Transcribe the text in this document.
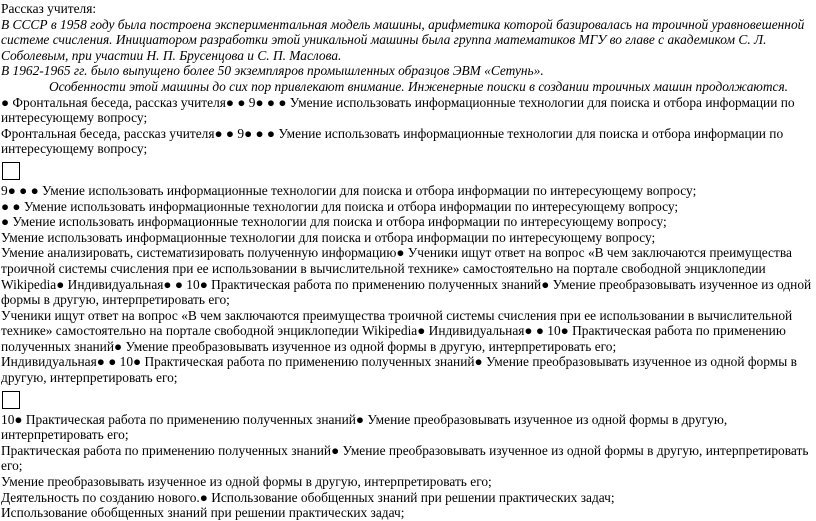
Рассказ учителя:

В СССР в 1958 году была построена экспериментальная модель машины, арифметика которой базировалась на троичной уравновешенной системе счисления. Инициатором разработки этой уникальной машины была группа математиков МГУ во главе с академиком С. Л. Соболевым, при участии Н. П. Брусенцова и С. П. Маслова.

В 1962-1965 гг. было выпущено более 50 экземпляров промышленных образцов ЭВМ «Сетунь».

Особенности этой машины до сих пор привлекают внимание. Инженерные поиски в создании троичных машин продолжаются.

● Фронтальная беседа, рассказ учителя● ● 9● ● ● Умение использовать информационные технологии для поиска и отбора информации по интересующему вопросу;

Фронтальная беседа, рассказ учителя● ● 9● ● ● Умение использовать информационные технологии для поиска и отбора информации по интересующему вопросу;

9● ● ● Умение использовать информационные технологии для поиска и отбора информации по интересующему вопросу;

● ● Умение использовать информационные технологии для поиска и отбора информации по интересующему вопросу;

● Умение использовать информационные технологии для поиска и отбора информации по интересующему вопросу;

Умение использовать информационные технологии для поиска и отбора информации по интересующему вопросу;

Умение анализировать, систематизировать полученную информацию● Ученики ищут ответ на вопрос «В чем заключаются преимущества троичной системы счисления при ее использовании в вычислительной технике» самостоятельно на портале свободной энциклопедии Wikipedia● Индивидуальная● ● 10● Практическая работа по применению полученных знаний● Умение преобразовывать изученное из одной формы в другую, интерпретировать его;

Ученики ищут ответ на вопрос «В чем заключаются преимущества троичной системы счисления при ее использовании в вычислительной технике» самостоятельно на портале свободной энциклопедии Wikipedia● Индивидуальная● ● 10● Практическая работа по применению полученных знаний● Умение преобразовывать изученное из одной формы в другую, интерпретировать его;

Индивидуальная● ● 10● Практическая работа по применению полученных знаний● Умение преобразовывать изученное из одной формы в другую, интерпретировать его;

10● Практическая работа по применению полученных знаний● Умение преобразовывать изученное из одной формы в другую, интерпретировать его;

Практическая работа по применению полученных знаний● Умение преобразовывать изученное из одной формы в другую, интерпретировать его;

Умение преобразовывать изученное из одной формы в другую, интерпретировать его;

Деятельность по созданию нового.● Использование обобщенных знаний при решении практических задач;

Использование обобщенных знаний при решении практических задач;
